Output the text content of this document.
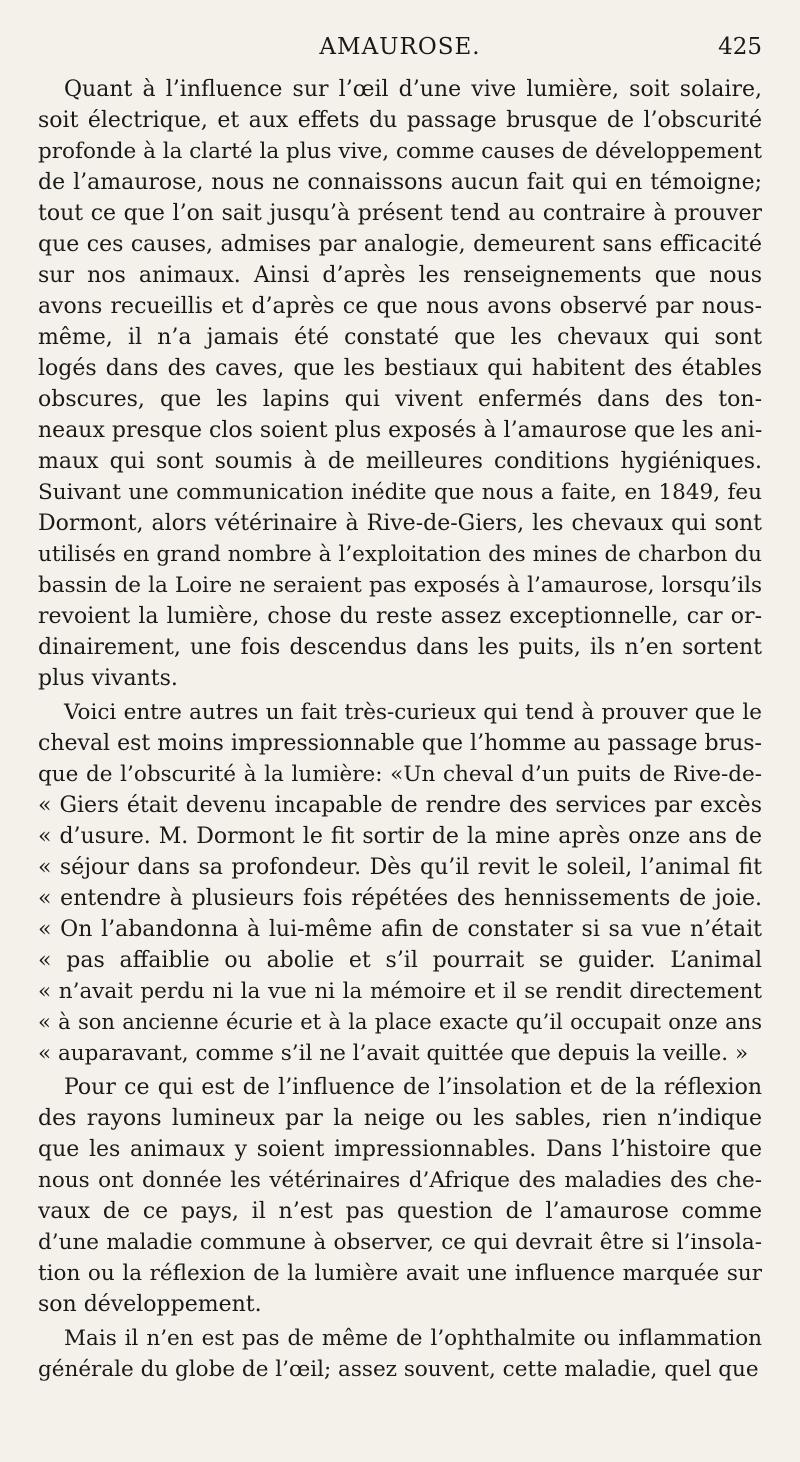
AMAUROSE.	425
Quant à l’influence sur l’œil d’une vive lumière, soit solaire,
soit électrique, et aux effets du passage brusque de l’obscurité
profonde à la clarté la plus vive, comme causes de développement
de l’amaurose, nous ne connaissons aucun fait qui en témoigne;
tout ce que l’on sait jusqu’à présent tend au contraire à prouver
que ces causes, admises par analogie, demeurent sans efficacité
sur nos animaux. Ainsi d’après les renseignements que nous
avons recueillis et d’après ce que nous avons observé par nous-
même, il n’a jamais été constaté que les chevaux qui sont
logés dans des caves, que les bestiaux qui habitent des étables
obscures, que les lapins qui vivent enfermés dans des ton-
neaux presque clos soient plus exposés à l’amaurose que les ani-
maux qui sont soumis à de meilleures conditions hygiéniques.
Suivant une communication inédite que nous a faite, en 1849, feu
Dormont, alors vétérinaire à Rive-de-Giers, les chevaux qui sont
utilisés en grand nombre à l’exploitation des mines de charbon du
bassin de la Loire ne seraient pas exposés à l’amaurose, lorsqu’ils
revoient la lumière, chose du reste assez exceptionnelle, car or-
dinairement, une fois descendus dans les puits, ils n’en sortent
plus vivants.
Voici entre autres un fait très-curieux qui tend à prouver que le
cheval est moins impressionnable que l’homme au passage brus-
que de l’obscurité à la lumière: «Un cheval d’un puits de Rive-de-
« Giers était devenu incapable de rendre des services par excès
« d’usure. M. Dormont le fit sortir de la mine après onze ans de
« séjour dans sa profondeur. Dès qu’il revit le soleil, l’animal fit
« entendre à plusieurs fois répétées des hennissements de joie.
« On l’abandonna à lui-même afin de constater si sa vue n’était
« pas affaiblie ou abolie et s’il pourrait se guider. L’animal
« n’avait perdu ni la vue ni la mémoire et il se rendit directement
« à son ancienne écurie et à la place exacte qu’il occupait onze ans
« auparavant, comme s’il ne l’avait quittée que depuis la veille. »
Pour ce qui est de l’influence de l’insolation et de la réflexion
des rayons lumineux par la neige ou les sables, rien n’indique
que les animaux y soient impressionnables. Dans l’histoire que
nous ont donnée les vétérinaires d’Afrique des maladies des che-
vaux de ce pays, il n’est pas question de l’amaurose comme
d’une maladie commune à observer, ce qui devrait être si l’insola-
tion ou la réflexion de la lumière avait une influence marquée sur
son développement.
Mais il n’en est pas de même de l’ophthalmite ou inflammation
générale du globe de l’œil; assez souvent, cette maladie, quel que
